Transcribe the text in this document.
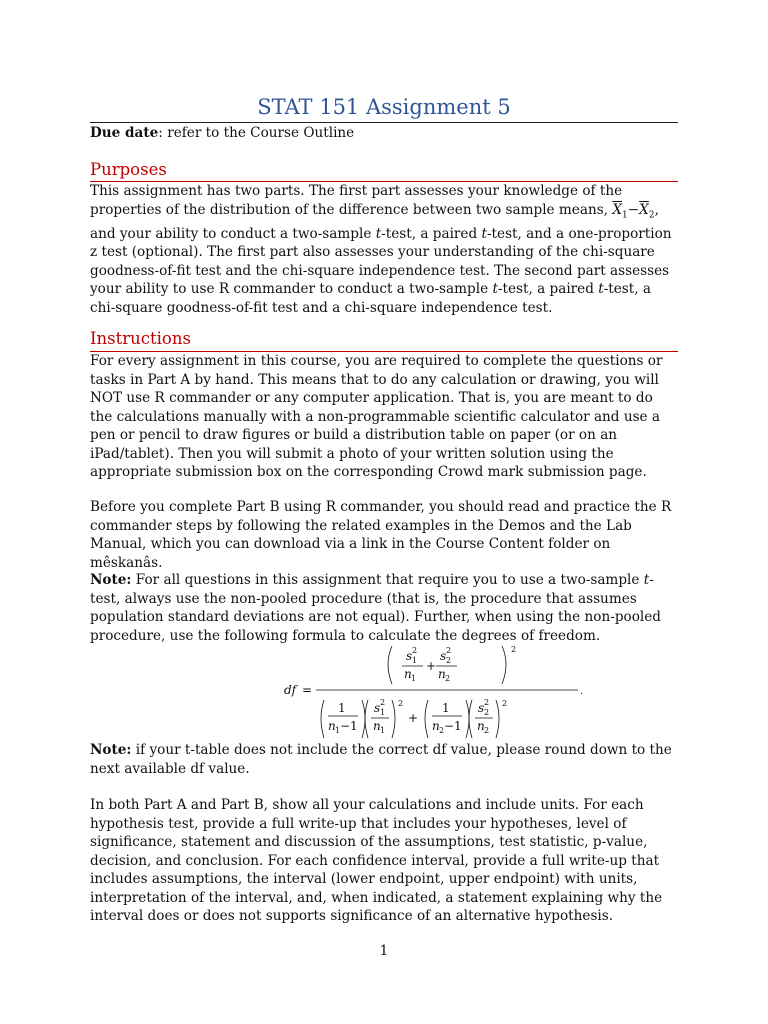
STAT 151 Assignment 5

Due date: refer to the Course Outline

Purposes

This assignment has two parts. The first part assesses your knowledge of the properties of the distribution of the difference between two sample means, $\overline{X}_1-\overline{X}_2$, and your ability to conduct a two-sample t-test, a paired t-test, and a one-proportion z test (optional). The first part also assesses your understanding of the chi-square goodness-of-fit test and the chi-square independence test. The second part assesses your ability to use R commander to conduct a two-sample t-test, a paired t-test, a chi-square goodness-of-fit test and a chi-square independence test.

Instructions

For every assignment in this course, you are required to complete the questions or tasks in Part A by hand. This means that to do any calculation or drawing, you will NOT use R commander or any computer application. That is, you are meant to do the calculations manually with a non-programmable scientific calculator and use a pen or pencil to draw figures or build a distribution table on paper (or on an iPad/tablet). Then you will submit a photo of your written solution using the appropriate submission box on the corresponding Crowd mark submission page.

Before you complete Part B using R commander, you should read and practice the R commander steps by following the related examples in the Demos and the Lab Manual, which you can download via a link in the Course Content folder on mêskanâs.

Note: For all questions in this assignment that require you to use a two-sample t-test, always use the non-pooled procedure (that is, the procedure that assumes population standard deviations are not equal). Further, when using the non-pooled procedure, use the following formula to calculate the degrees of freedom.

df =	.
2
s 1
2
n 1
+
s 2
2
n 2
1
n 1 −1
2
s 1
2
n 1
+
1
n 2 −1
2
s 2
2
n 2

Note: if your t-table does not include the correct df value, please round down to the next available df value.

In both Part A and Part B, show all your calculations and include units. For each hypothesis test, provide a full write-up that includes your hypotheses, level of significance, statement and discussion of the assumptions, test statistic, p-value, decision, and conclusion. For each confidence interval, provide a full write-up that includes assumptions, the interval (lower endpoint, upper endpoint) with units, interpretation of the interval, and, when indicated, a statement explaining why the interval does or does not supports significance of an alternative hypothesis.

1
